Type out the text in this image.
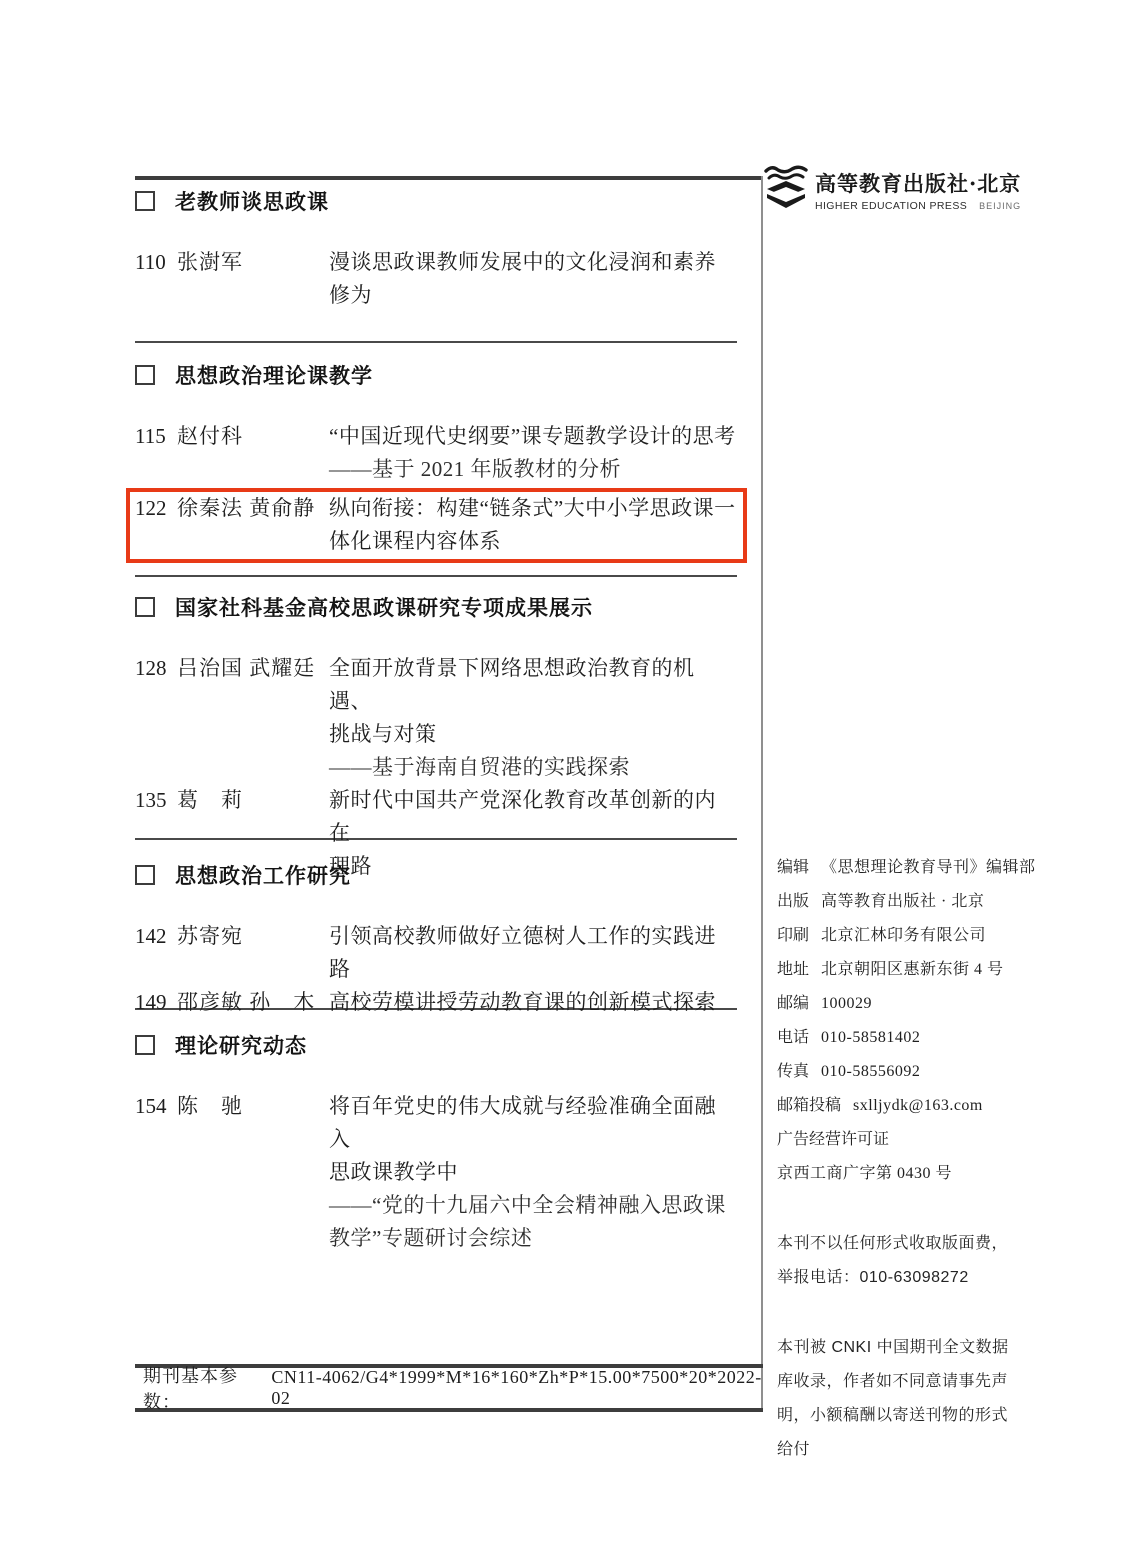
高等教育出版社·北京
HIGHER EDUCATION PRESS BEIJING
老教师谈思政课
110 张澍军	漫谈思政课教师发展中的文化浸润和素养
修为
思想政治理论课教学
115 赵付科	“中国近现代史纲要”课专题教学设计的思考
——基于 2021 年版教材的分析
122 徐秦法 黄俞静 纵向衔接：构建“链条式”大中小学思政课一
体化课程内容体系
国家社科基金高校思政课研究专项成果展示
128 吕治国 武耀廷 全面开放背景下网络思想政治教育的机遇、
挑战与对策
——基于海南自贸港的实践探索
135 葛　莉	新时代中国共产党深化教育改革创新的内在
理路
思想政治工作研究
142 苏寄宛	引领高校教师做好立德树人工作的实践进路
149 邵彦敏 孙　木 高校劳模讲授劳动教育课的创新模式探索
理论研究动态
154 陈　驰	将百年党史的伟大成就与经验准确全面融入
思政课教学中
——“党的十九届六中全会精神融入思政课
教学”专题研讨会综述
编辑 《思想理论教育导刊》编辑部
出版 高等教育出版社 · 北京
印刷 北京汇林印务有限公司
地址 北京朝阳区惠新东街 4 号
邮编 100029
电话 010-58581402
传真 010-58556092
邮箱投稿 sxlljydk@163.com
广告经营许可证
京西工商广字第 0430 号
本刊不以任何形式收取版面费，举报电话：010-63098272
本刊被 CNKI 中国期刊全文数据库收录，作者如不同意请事先声明，小额稿酬以寄送刊物的形式给付
期刊基本参数：
CN11-4062/G4*1999*M*16*160*Zh*P*15.00*7500*20*2022-02
